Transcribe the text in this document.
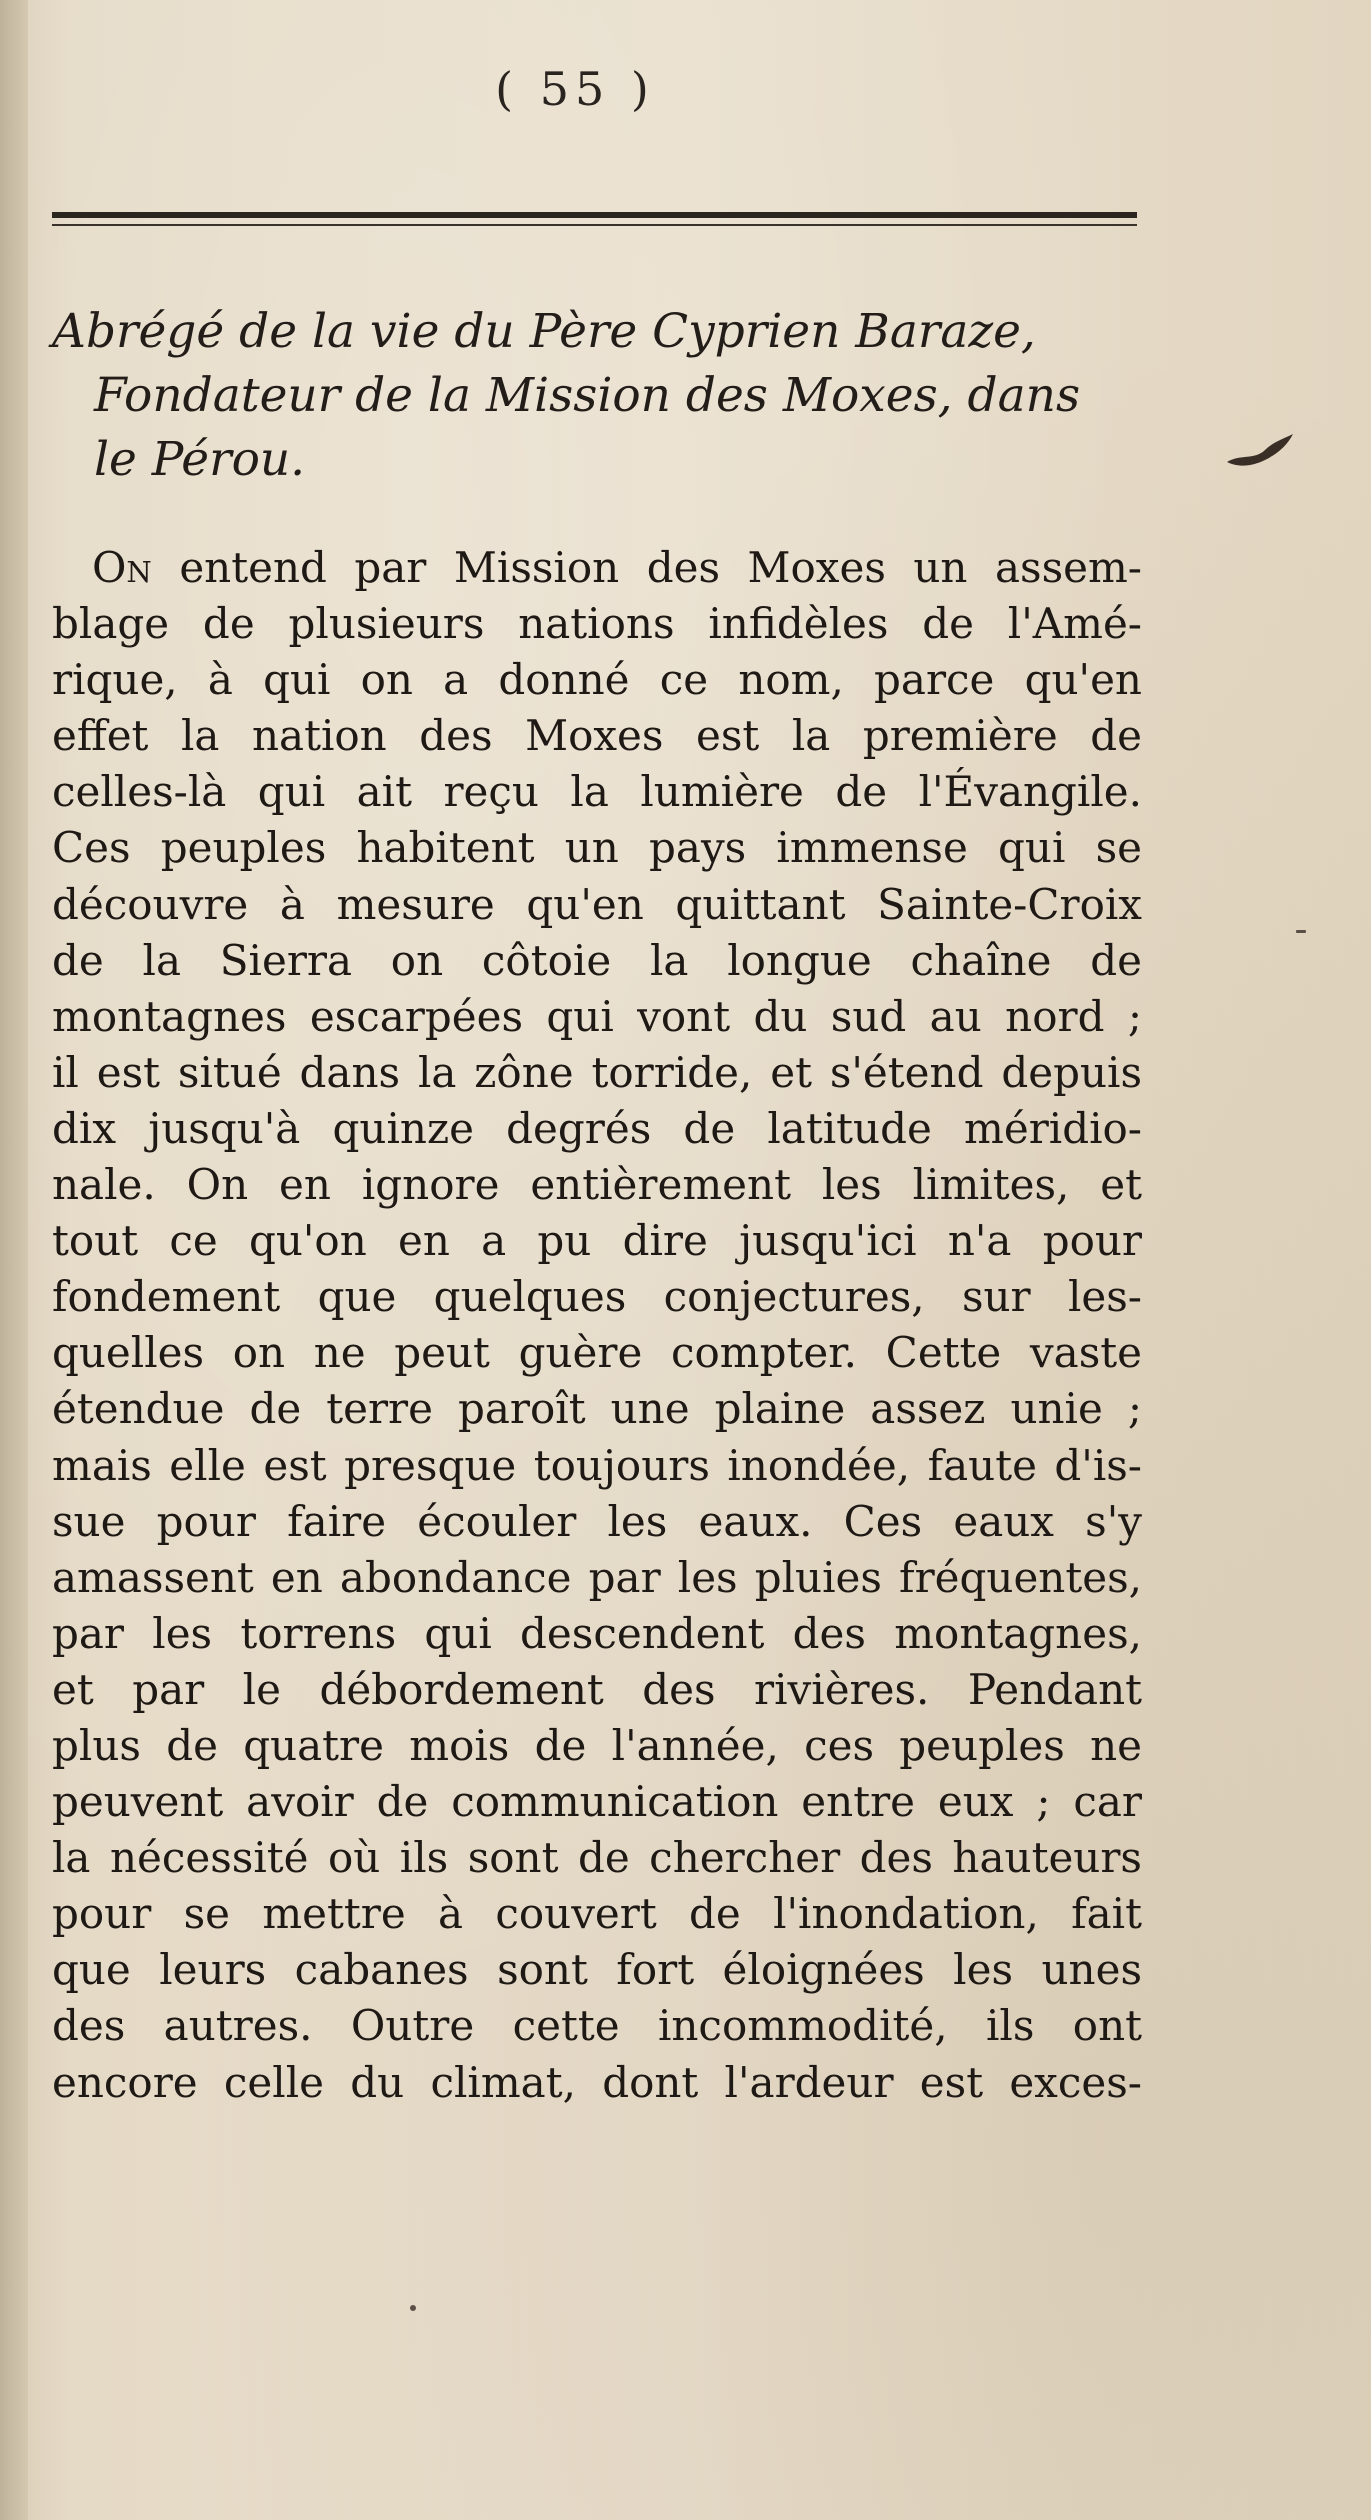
( 55 )
Abrégé de la vie du Père Cyprien Baraze,
Fondateur de la Mission des Moxes, dans
le Pérou.
On entend par Mission des Moxes un assem-
blage de plusieurs nations infidèles de l'Amé-
rique, à qui on a donné ce nom, parce qu'en
effet la nation des Moxes est la première de
celles-là qui ait reçu la lumière de l'Évangile.
Ces peuples habitent un pays immense qui se
découvre à mesure qu'en quittant Sainte-Croix
de la Sierra on côtoie la longue chaîne de
montagnes escarpées qui vont du sud au nord ;
il est situé dans la zône torride, et s'étend depuis
dix jusqu'à quinze degrés de latitude méridio-
nale. On en ignore entièrement les limites, et
tout ce qu'on en a pu dire jusqu'ici n'a pour
fondement que quelques conjectures, sur les-
quelles on ne peut guère compter. Cette vaste
étendue de terre paroît une plaine assez unie ;
mais elle est presque toujours inondée, faute d'is-
sue pour faire écouler les eaux. Ces eaux s'y
amassent en abondance par les pluies fréquentes,
par les torrens qui descendent des montagnes,
et par le débordement des rivières. Pendant
plus de quatre mois de l'année, ces peuples ne
peuvent avoir de communication entre eux ; car
la nécessité où ils sont de chercher des hauteurs
pour se mettre à couvert de l'inondation, fait
que leurs cabanes sont fort éloignées les unes
des autres. Outre cette incommodité, ils ont
encore celle du climat, dont l'ardeur est exces-
